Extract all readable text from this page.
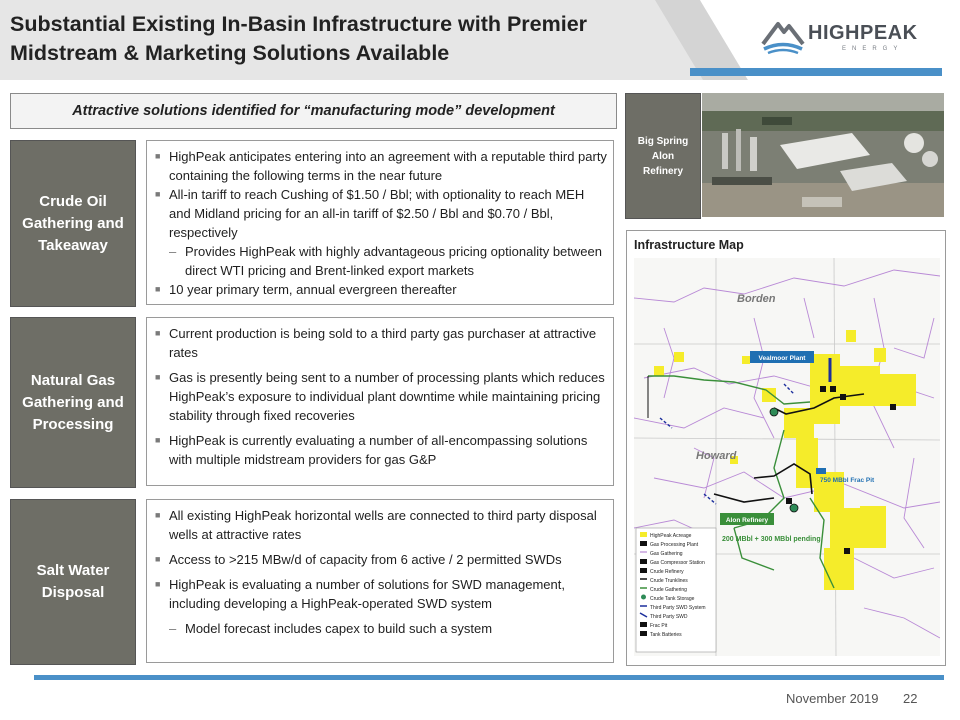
Substantial Existing In-Basin Infrastructure with Premier
Midstream & Marketing Solutions Available
HIGHPEAK
ENERGY
Attractive solutions identified for “manufacturing mode” development
Crude Oil Gathering and Takeaway
■ HighPeak anticipates entering into an agreement with a reputable third party containing the following terms in the near future
■ All-in tariff to reach Cushing of $1.50 / Bbl; with optionality to reach MEH and Midland pricing for an all-in tariff of $2.50 / Bbl and $0.70 / Bbl, respectively
– Provides HighPeak with highly advantageous pricing optionality between direct WTI pricing and Brent-linked export markets
■ 10 year primary term, annual evergreen thereafter
Natural Gas Gathering and Processing
■ Current production is being sold to a third party gas purchaser at attractive rates
■ Gas is presently being sent to a number of processing plants which reduces HighPeak’s exposure to individual plant downtime while maintaining pricing stability through fixed recoveries
■ HighPeak is currently evaluating a number of all-encompassing solutions with multiple midstream providers for gas G&P
Salt Water Disposal
■ All existing HighPeak horizontal wells are connected to third party disposal wells at attractive rates
■ Access to >215 MBw/d of capacity from 6 active / 2 permitted SWDs
■ HighPeak is evaluating a number of solutions for SWD management, including developing a HighPeak-operated SWD system
– Model forecast includes capex to build such a system
Big Spring Alon Refinery
Infrastructure Map
Borden
Howard
Vealmoor Plant
Alon Refinery
750 MBbl Frac Pit
200 MBbl + 300 MBbl pending
HighPeak Acreage
Gas Processing Plant
Gas Gathering
Gas Compressor Station
Crude Refinery
Crude Trunklines
Crude Gathering
Crude Tank Storage
Third Party SWD System
Third Party SWD
Frac Pit
Tank Batteries
November 2019 22
